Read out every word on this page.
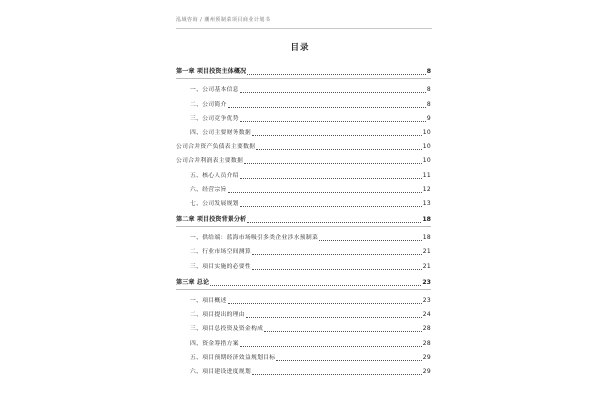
泓域咨询 / 潮州预制菜项目商业计划书
目录
第一章 项目投资主体概况	8
一、公司基本信息	8
二、公司简介	8
三、公司竞争优势	9
四、公司主要财务数据	10
公司合并资产负债表主要数据	10
公司合并利润表主要数据	10
五、核心人员介绍	11
六、经营宗旨	12
七、公司发展规划	13
第二章 项目投资背景分析	18
一、供给端：蓝海市场吸引多类企业涉水预制菜	18
二、行业市场空间测算	21
三、项目实施的必要性	21
第三章 总论	23
一、项目概述	23
二、项目提出的理由	24
三、项目总投资及资金构成	28
四、资金筹措方案	28
五、项目预期经济效益规划目标	29
六、项目建设进度规划	29
